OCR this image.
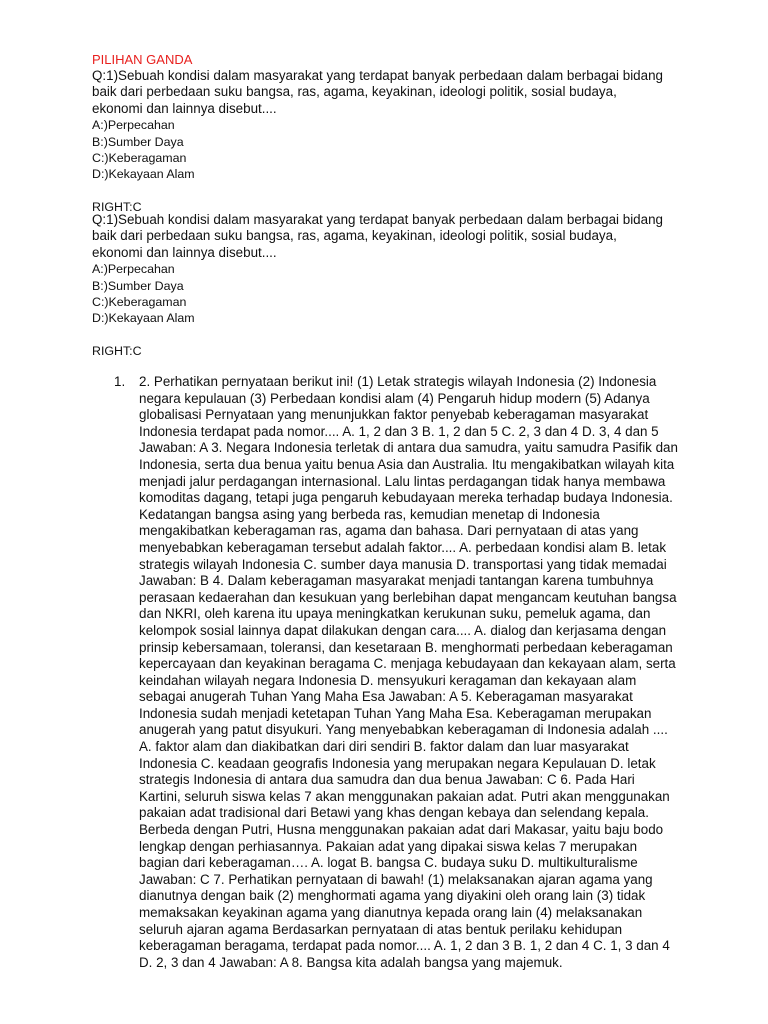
PILIHAN GANDA
Q:1)Sebuah kondisi dalam masyarakat yang terdapat banyak perbedaan dalam berbagai bidang baik dari perbedaan suku bangsa, ras, agama, keyakinan, ideologi politik, sosial budaya, ekonomi dan lainnya disebut....
A:)Perpecahan
B:)Sumber Daya
C:)Keberagaman
D:)Kekayaan Alam
RIGHT:C
Q:1)Sebuah kondisi dalam masyarakat yang terdapat banyak perbedaan dalam berbagai bidang baik dari perbedaan suku bangsa, ras, agama, keyakinan, ideologi politik, sosial budaya, ekonomi dan lainnya disebut....
A:)Perpecahan
B:)Sumber Daya
C:)Keberagaman
D:)Kekayaan Alam
RIGHT:C
1. 2. Perhatikan pernyataan berikut ini! (1) Letak strategis wilayah Indonesia (2) Indonesia negara kepulauan (3) Perbedaan kondisi alam (4) Pengaruh hidup modern (5) Adanya globalisasi Pernyataan yang menunjukkan faktor penyebab keberagaman masyarakat Indonesia terdapat pada nomor.... A. 1, 2 dan 3 B. 1, 2 dan 5 C. 2, 3 dan 4 D. 3, 4 dan 5 Jawaban: A 3. Negara Indonesia terletak di antara dua samudra, yaitu samudra Pasifik dan Indonesia, serta dua benua yaitu benua Asia dan Australia. Itu mengakibatkan wilayah kita menjadi jalur perdagangan internasional. Lalu lintas perdagangan tidak hanya membawa komoditas dagang, tetapi juga pengaruh kebudayaan mereka terhadap budaya Indonesia. Kedatangan bangsa asing yang berbeda ras, kemudian menetap di Indonesia mengakibatkan keberagaman ras, agama dan bahasa. Dari pernyataan di atas yang menyebabkan keberagaman tersebut adalah faktor.... A. perbedaan kondisi alam B. letak strategis wilayah Indonesia C. sumber daya manusia D. transportasi yang tidak memadai Jawaban: B 4. Dalam keberagaman masyarakat menjadi tantangan karena tumbuhnya perasaan kedaerahan dan kesukuan yang berlebihan dapat mengancam keutuhan bangsa dan NKRI, oleh karena itu upaya meningkatkan kerukunan suku, pemeluk agama, dan kelompok sosial lainnya dapat dilakukan dengan cara.... A. dialog dan kerjasama dengan prinsip kebersamaan, toleransi, dan kesetaraan B. menghormati perbedaan keberagaman kepercayaan dan keyakinan beragama C. menjaga kebudayaan dan kekayaan alam, serta keindahan wilayah negara Indonesia D. mensyukuri keragaman dan kekayaan alam sebagai anugerah Tuhan Yang Maha Esa Jawaban: A 5. Keberagaman masyarakat Indonesia sudah menjadi ketetapan Tuhan Yang Maha Esa. Keberagaman merupakan anugerah yang patut disyukuri. Yang menyebabkan keberagaman di Indonesia adalah .... A. faktor alam dan diakibatkan dari diri sendiri B. faktor dalam dan luar masyarakat Indonesia C. keadaan geografis Indonesia yang merupakan negara Kepulauan D. letak strategis Indonesia di antara dua samudra dan dua benua Jawaban: C 6. Pada Hari Kartini, seluruh siswa kelas 7 akan menggunakan pakaian adat. Putri akan menggunakan pakaian adat tradisional dari Betawi yang khas dengan kebaya dan selendang kepala. Berbeda dengan Putri, Husna menggunakan pakaian adat dari Makasar, yaitu baju bodo lengkap dengan perhiasannya. Pakaian adat yang dipakai siswa kelas 7 merupakan bagian dari keberagaman…. A. logat B. bangsa C. budaya suku D. multikulturalisme Jawaban: C 7. Perhatikan pernyataan di bawah! (1) melaksanakan ajaran agama yang dianutnya dengan baik (2) menghormati agama yang diyakini oleh orang lain (3) tidak memaksakan keyakinan agama yang dianutnya kepada orang lain (4) melaksanakan seluruh ajaran agama Berdasarkan pernyataan di atas bentuk perilaku kehidupan keberagaman beragama, terdapat pada nomor.... A. 1, 2 dan 3 B. 1, 2 dan 4 C. 1, 3 dan 4 D. 2, 3 dan 4 Jawaban: A 8. Bangsa kita adalah bangsa yang majemuk.
